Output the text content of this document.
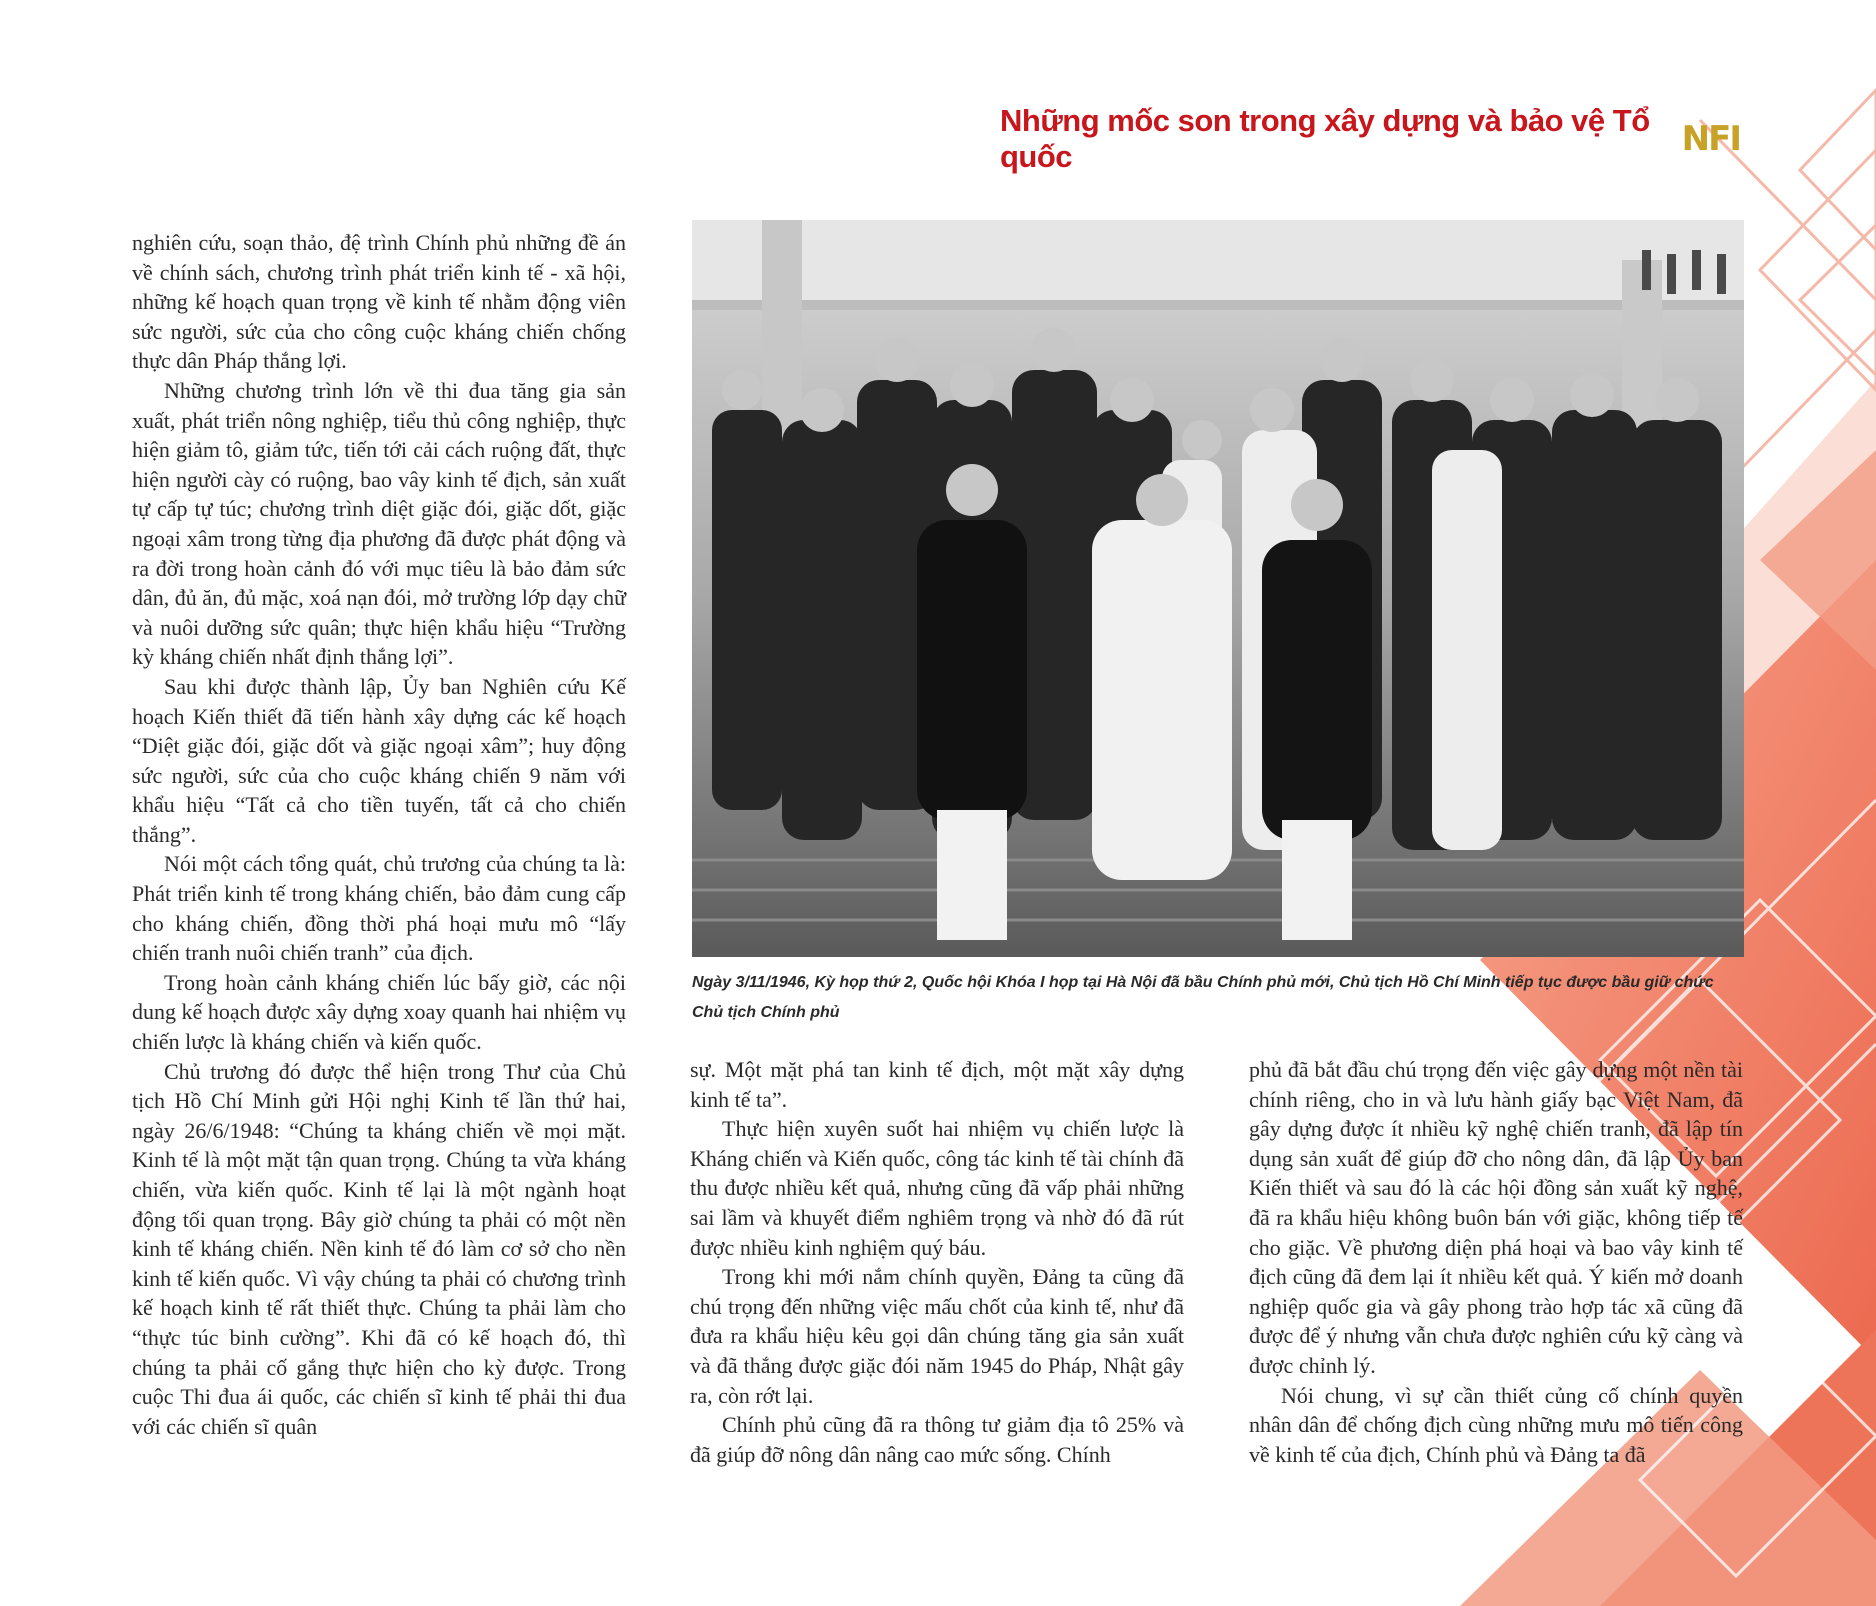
Những mốc son trong xây dựng và bảo vệ Tổ quốc	NFI

nghiên cứu, soạn thảo, đệ trình Chính phủ những đề án về chính sách, chương trình phát triển kinh tế - xã hội, những kế hoạch quan trọng về kinh tế nhằm động viên sức người, sức của cho công cuộc kháng chiến chống thực dân Pháp thắng lợi.

Những chương trình lớn về thi đua tăng gia sản xuất, phát triển nông nghiệp, tiểu thủ công nghiệp, thực hiện giảm tô, giảm tức, tiến tới cải cách ruộng đất, thực hiện người cày có ruộng, bao vây kinh tế địch, sản xuất tự cấp tự túc; chương trình diệt giặc đói, giặc dốt, giặc ngoại xâm trong từng địa phương đã được phát động và ra đời trong hoàn cảnh đó với mục tiêu là bảo đảm sức dân, đủ ăn, đủ mặc, xoá nạn đói, mở trường lớp dạy chữ và nuôi dưỡng sức quân; thực hiện khẩu hiệu “Trường kỳ kháng chiến nhất định thắng lợi”.

Sau khi được thành lập, Ủy ban Nghiên cứu Kế hoạch Kiến thiết đã tiến hành xây dựng các kế hoạch “Diệt giặc đói, giặc dốt và giặc ngoại xâm”; huy động sức người, sức của cho cuộc kháng chiến 9 năm với khẩu hiệu “Tất cả cho tiền tuyến, tất cả cho chiến thắng”.

Nói một cách tổng quát, chủ trương của chúng ta là: Phát triển kinh tế trong kháng chiến, bảo đảm cung cấp cho kháng chiến, đồng thời phá hoại mưu mô “lấy chiến tranh nuôi chiến tranh” của địch.

Trong hoàn cảnh kháng chiến lúc bấy giờ, các nội dung kế hoạch được xây dựng xoay quanh hai nhiệm vụ chiến lược là kháng chiến và kiến quốc.

Chủ trương đó được thể hiện trong Thư của Chủ tịch Hồ Chí Minh gửi Hội nghị Kinh tế lần thứ hai, ngày 26/6/1948: “Chúng ta kháng chiến về mọi mặt. Kinh tế là một mặt tận quan trọng. Chúng ta vừa kháng chiến, vừa kiến quốc. Kinh tế lại là một ngành hoạt động tối quan trọng. Bây giờ chúng ta phải có một nền kinh tế kháng chiến. Nền kinh tế đó làm cơ sở cho nền kinh tế kiến quốc. Vì vậy chúng ta phải có chương trình kế hoạch kinh tế rất thiết thực. Chúng ta phải làm cho “thực túc binh cường”. Khi đã có kế hoạch đó, thì chúng ta phải cố gắng thực hiện cho kỳ được. Trong cuộc Thi đua ái quốc, các chiến sĩ kinh tế phải thi đua với các chiến sĩ quân

Ngày 3/11/1946, Kỳ họp thứ 2, Quốc hội Khóa I họp tại Hà Nội đã bầu Chính phủ mới, Chủ tịch Hồ Chí Minh tiếp tục được bầu giữ chức Chủ tịch Chính phủ

sự. Một mặt phá tan kinh tế địch, một mặt xây dựng kinh tế ta”.

Thực hiện xuyên suốt hai nhiệm vụ chiến lược là Kháng chiến và Kiến quốc, công tác kinh tế tài chính đã thu được nhiều kết quả, nhưng cũng đã vấp phải những sai lầm và khuyết điểm nghiêm trọng và nhờ đó đã rút được nhiều kinh nghiệm quý báu.

Trong khi mới nắm chính quyền, Đảng ta cũng đã chú trọng đến những việc mấu chốt của kinh tế, như đã đưa ra khẩu hiệu kêu gọi dân chúng tăng gia sản xuất và đã thắng được giặc đói năm 1945 do Pháp, Nhật gây ra, còn rớt lại.

Chính phủ cũng đã ra thông tư giảm địa tô 25% và đã giúp đỡ nông dân nâng cao mức sống. Chính

phủ đã bắt đầu chú trọng đến việc gây dựng một nền tài chính riêng, cho in và lưu hành giấy bạc Việt Nam, đã gây dựng được ít nhiều kỹ nghệ chiến tranh, đã lập tín dụng sản xuất để giúp đỡ cho nông dân, đã lập Ủy ban Kiến thiết và sau đó là các hội đồng sản xuất kỹ nghệ, đã ra khẩu hiệu không buôn bán với giặc, không tiếp tế cho giặc. Về phương diện phá hoại và bao vây kinh tế địch cũng đã đem lại ít nhiều kết quả. Ý kiến mở doanh nghiệp quốc gia và gây phong trào hợp tác xã cũng đã được để ý nhưng vẫn chưa được nghiên cứu kỹ càng và được chỉnh lý.

Nói chung, vì sự cần thiết củng cố chính quyền nhân dân để chống địch cùng những mưu mô tiến công về kinh tế của địch, Chính phủ và Đảng ta đã
